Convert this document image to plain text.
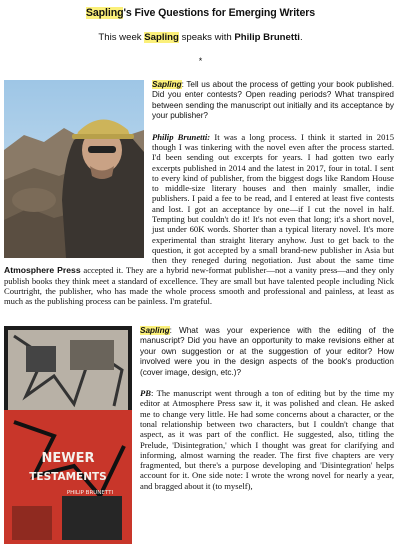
Sapling's Five Questions for Emerging Writers
This week Sapling speaks with Philip Brunetti.
*

Sapling: Tell us about the process of getting your book published. Did you enter contests? Open reading periods? What transpired between sending the manuscript out initially and its acceptance by your publisher?

Philip Brunetti: It was a long process. I think it started in 2015 though I was tinkering with the novel even after the process started. I'd been sending out excerpts for years. I had gotten two early excerpts published in 2014 and the latest in 2017, four in total. I sent to every kind of publisher, from the biggest dogs like Random House to middle-size literary houses and then mainly smaller, indie publishers. I paid a fee to be read, and I entered at least five contests and lost. I got an acceptance by one—if I cut the novel in half. Tempting but couldn't do it! It's not even that long; it's a short novel, just under 60K words. Shorter than a typical literary novel. It's more experimental than straight literary anyhow. Just to get back to the question, it got accepted by a small brand-new publisher in Asia but then they reneged during negotiation. Just about the same time Atmosphere Press accepted it. They are a hybrid new-format publisher—not a vanity press—and they only publish books they think meet a standard of excellence. They are small but have talented people including Nick Courtright, the publisher, who has made the whole process smooth and professional and painless, at least as much as the publishing process can be painless. I'm grateful.

NEWER
TESTAMENTS
PHILIP BRUNETTI

Sapling: What was your experience with the editing of the manuscript? Did you have an opportunity to make revisions either at your own suggestion or at the suggestion of your editor? How involved were you in the design aspects of the book's production (cover image, design, etc.)?

PB: The manuscript went through a ton of editing but by the time my editor at Atmosphere Press saw it, it was polished and clean. He asked me to change very little. He had some concerns about a character, or the tonal relationship between two characters, but I couldn't change that aspect, as it was part of the conflict. He suggested, also, titling the Prelude, 'Disintegration,' which I thought was great for clarifying and informing, almost warning the reader. The first five chapters are very fragmented, but there's a purpose developing and 'Disintegration' helps account for it. One side note: I wrote the wrong novel for nearly a year, and bragged about it (to myself),
